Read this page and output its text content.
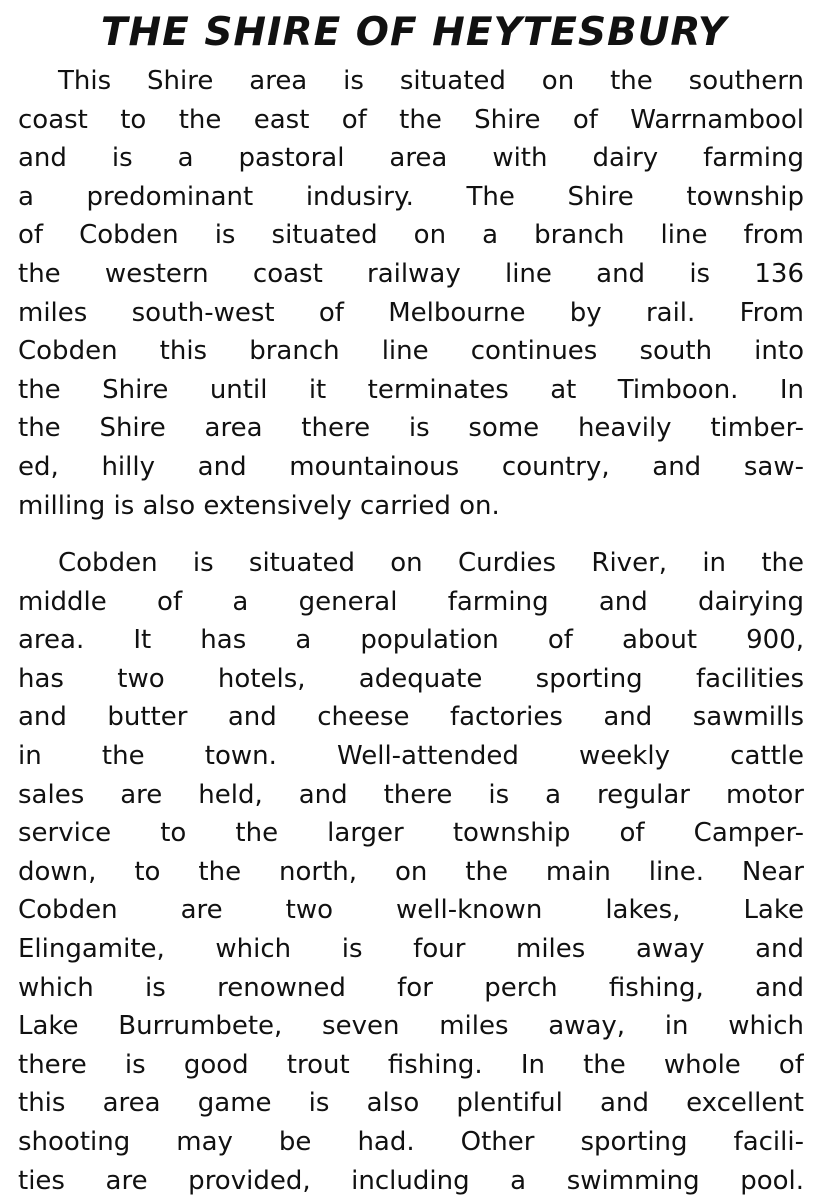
THE SHIRE OF HEYTESBURY
This Shire area is situated on the southern
coast to the east of the Shire of Warrnambool
and is a pastoral area with dairy farming
a predominant indusiry. The Shire township
of Cobden is situated on a branch line from
the western coast railway line and is 136
miles south-west of Melbourne by rail. From
Cobden this branch line continues south into
the Shire until it terminates at Timboon. In
the Shire area there is some heavily timber-
ed, hilly and mountainous country, and saw-
milling is also extensively carried on.
Cobden is situated on Curdies River, in the
middle of a general farming and dairying
area. It has a population of about 900,
has two hotels, adequate sporting facilities
and butter and cheese factories and sawmills
in the town. Well-attended weekly cattle
sales are held, and there is a regular motor
service to the larger township of Camper-
down, to the north, on the main line. Near
Cobden are two well-known lakes, Lake
Elingamite, which is four miles away and
which is renowned for perch fishing, and
Lake Burrumbete, seven miles away, in which
there is good trout fishing. In the whole of
this area game is also plentiful and excellent
shooting may be had. Other sporting facili-
ties are provided, including a swimming pool.
